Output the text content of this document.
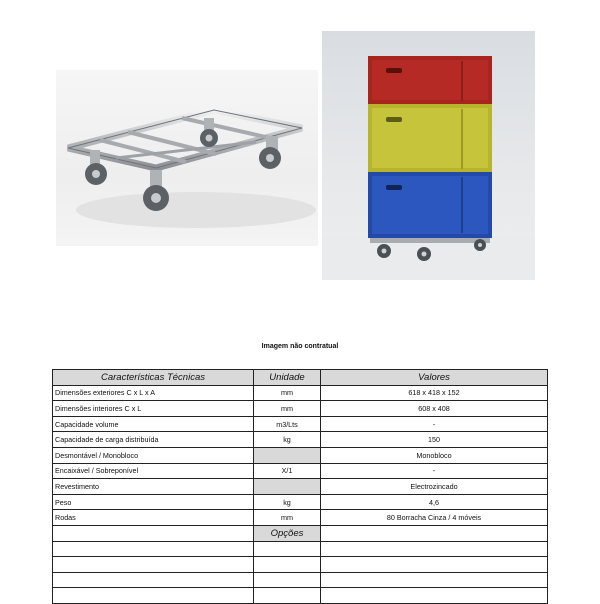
Imagem não contratual
Características Técnicas	Unidade	Valores
Dimensões exteriores C x L x A	mm	618 x 418 x 152
Dimensões interiores C x L	mm	608 x 408
Capacidade volume	m3/Lts	-
Capacidade de carga distribuída	kg	150
Desmontável / Monobloco		Monobloco
Encaixável / Sobreponível	X/1	-
Revestimento		Electrozincado
Peso	kg	4,6
Rodas	mm	80 Borracha Cinza / 4 móveis
	Opções	
